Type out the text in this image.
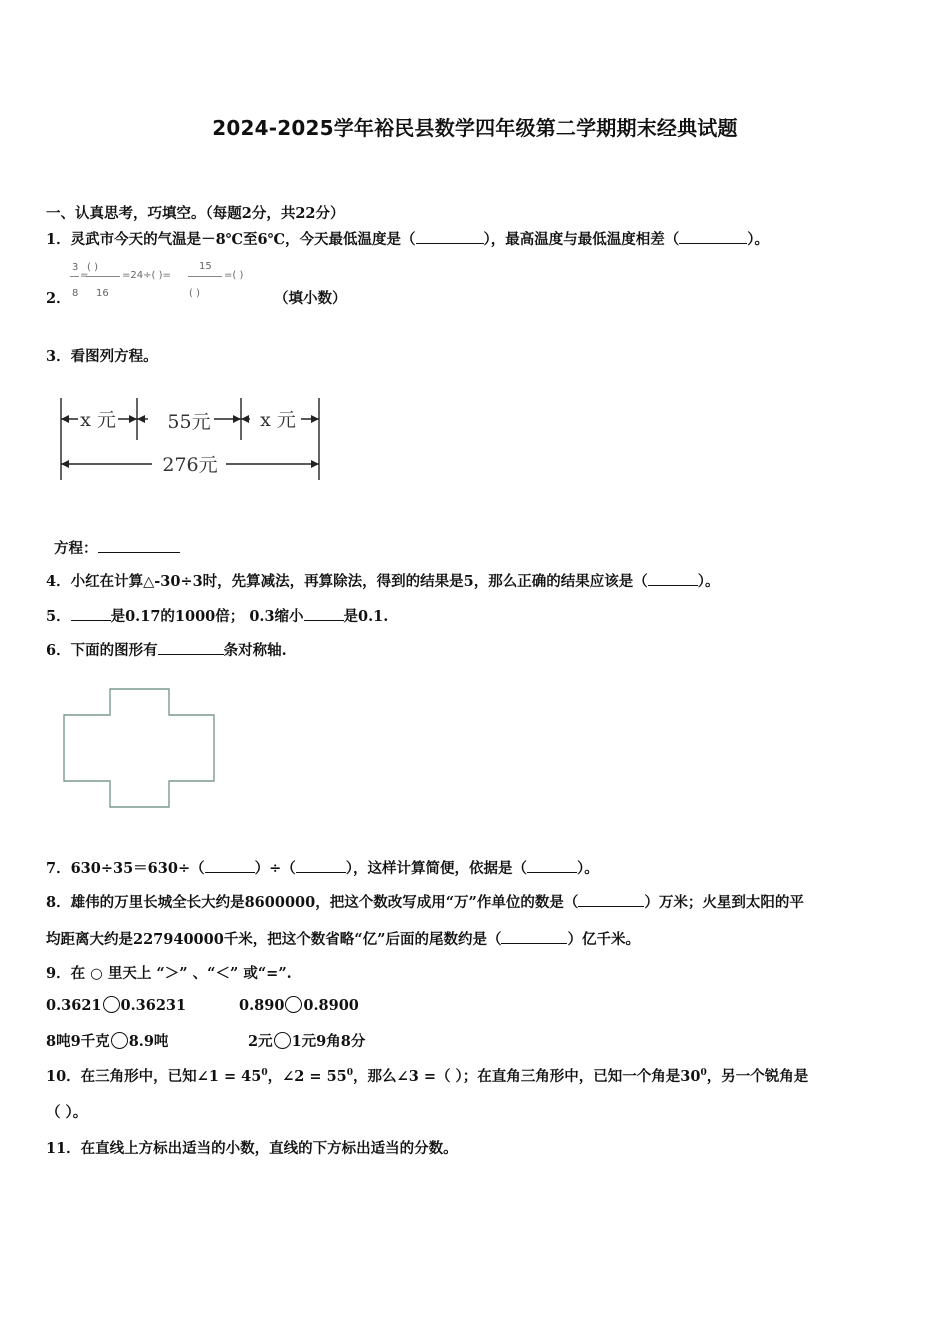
2024-2025学年裕民县数学四年级第二学期期末经典试题
一、认真思考，巧填空。（每题2分，共22分）
1．灵武市今天的气温是－8℃至6℃，今天最低温度是（	），最高温度与最低温度相差（	）。
2．
3
8
=
( )
16
=24÷( )=
15
( )
=( )
（填小数）
3．看图列方程。
x 元	55元	x 元
276元
方程：
4．小红在计算△-30÷3时，先算减法，再算除法，得到的结果是5，那么正确的结果应该是（	）。
5．	是0.17的1000倍； 0.3缩小	是0.1.
6．下面的图形有	条对称轴.
7．630÷35＝630÷（	）÷（	），这样计算简便，依据是（	）。
8．雄伟的万里长城全长大约是8600000，把这个数改写成用“万”作单位的数是（	）万米；火星到太阳的平
均距离大约是227940000千米，把这个数省略“亿”后面的尾数约是（	）亿千米。
9．在 ○ 里天上 “＞” 、“＜” 或“=”.
0.3621 0.36231	0.890 0.8900
8吨9千克 8.9吨	2元 1元9角8分
10．在三角形中，已知∠1 = $45^0$，∠2 = $55^0$，那么∠3 =（ ）；在直角三角形中，已知一个角是$30^0$，另一个锐角是
（ ）。
11．在直线上方标出适当的小数，直线的下方标出适当的分数。
